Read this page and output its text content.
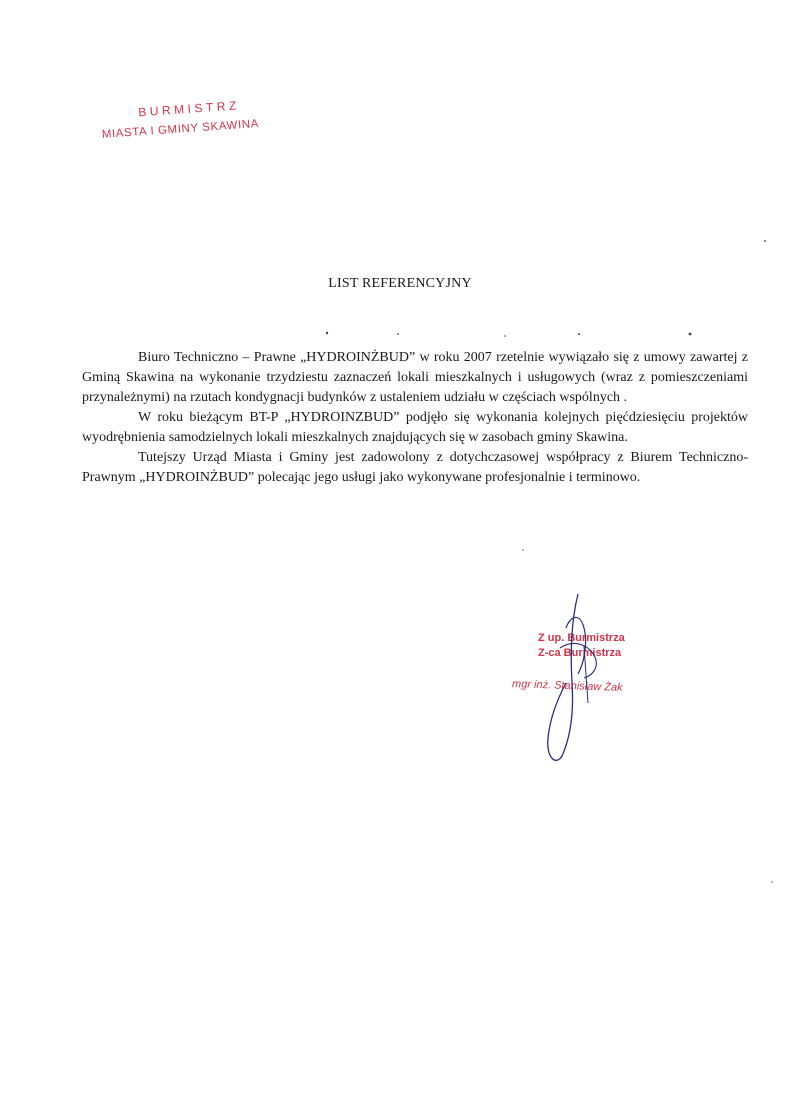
BURMISTRZ
MIASTA I GMINY SKAWINA
LIST REFERENCYJNY

Biuro Techniczno – Prawne „HYDROINŻBUD” w roku 2007 rzetelnie wywiązało się z umowy zawartej z Gminą Skawina na wykonanie trzydziestu zaznaczeń lokali mieszkalnych i usługowych (wraz z pomieszczeniami przynależnymi) na rzutach kondygnacji budynków z ustaleniem udziału w częściach wspólnych .

W roku bieżącym BT-P „HYDROINZBUD” podjęło się wykonania kolejnych pięćdziesięciu projektów wyodrębnienia samodzielnych lokali mieszkalnych znajdujących się w zasobach gminy Skawina.

Tutejszy Urząd Miasta i Gminy jest zadowolony z dotychczasowej współpracy z Biurem Techniczno-Prawnym „HYDROINŻBUD” polecając jego usługi jako wykonywane profesjonalnie i terminowo.

Z up. Burmistrza
Z-ca Burmistrza
mgr inż. Stanisław Żak
